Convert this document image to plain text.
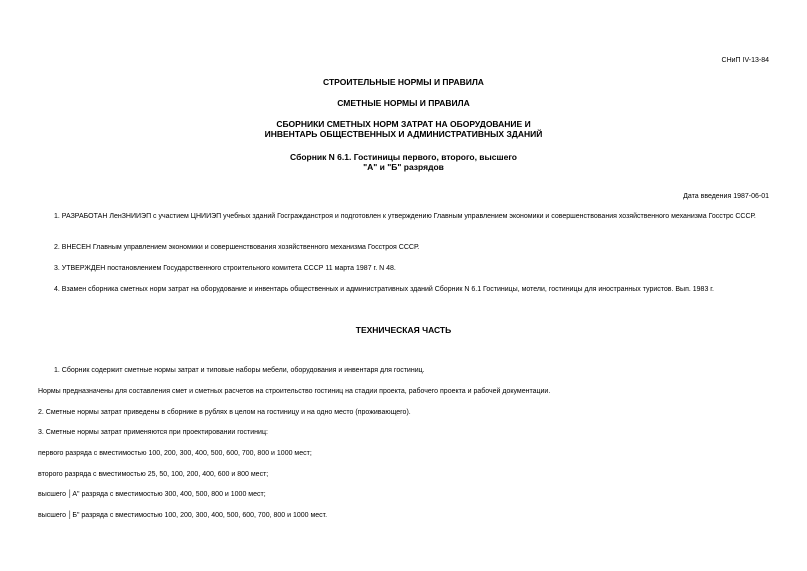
СНиП IV-13-84
СТРОИТЕЛЬНЫЕ НОРМЫ И ПРАВИЛА
СМЕТНЫЕ НОРМЫ И ПРАВИЛА
СБОРНИКИ СМЕТНЫХ НОРМ ЗАТРАТ НА ОБОРУДОВАНИЕ И
ИНВЕНТАРЬ ОБЩЕСТВЕННЫХ И АДМИНИСТРАТИВНЫХ ЗДАНИЙ
Сборник N 6.1. Гостиницы первого, второго, высшего
"А" и "Б" разрядов
Дата введения 1987-06-01
1. РАЗРАБОТАН ЛенЗНИИЭП с участием ЦНИИЭП учебных зданий Госгражданстроя и подготовлен к утверждению Главным управлением экономики и совершенствования хозяйственного механизма Госстрс СССР.
2. ВНЕСЕН Главным управлением экономики и совершенствования хозяйственного механизма Госстроя СССР.
3. УТВЕРЖДЕН постановлением Государственного строительного комитета СССР 11 марта 1987 г. N 48.
4. Взамен сборника сметных норм затрат на оборудование и инвентарь общественных и административных зданий Сборник N 6.1 Гостиницы, мотели, гостиницы для иностранных туристов. Вып. 1983 г.
ТЕХНИЧЕСКАЯ ЧАСТЬ
1. Сборник содержит сметные нормы затрат и типовые наборы мебели, оборудования и инвентаря для гостиниц.
Нормы предназначены для составления смет и сметных расчетов на строительство гостиниц на стадии проекта, рабочего проекта и рабочей документации.
2. Сметные нормы затрат приведены в сборнике в рублях в целом на гостиницу и на одно место (проживающего).
3. Сметные нормы затрат применяются при проектировании гостиниц:
первого разряда с вместимостью 100, 200, 300, 400, 500, 600, 700, 800 и 1000 мест;
второго разряда с вместимостью 25, 50, 100, 200, 400, 600 и 800 мест;
высшего │А" разряда с вместимостью 300, 400, 500, 800 и 1000 мест;
высшего │Б" разряда с вместимостью 100, 200, 300, 400, 500, 600, 700, 800 и 1000 мест.
